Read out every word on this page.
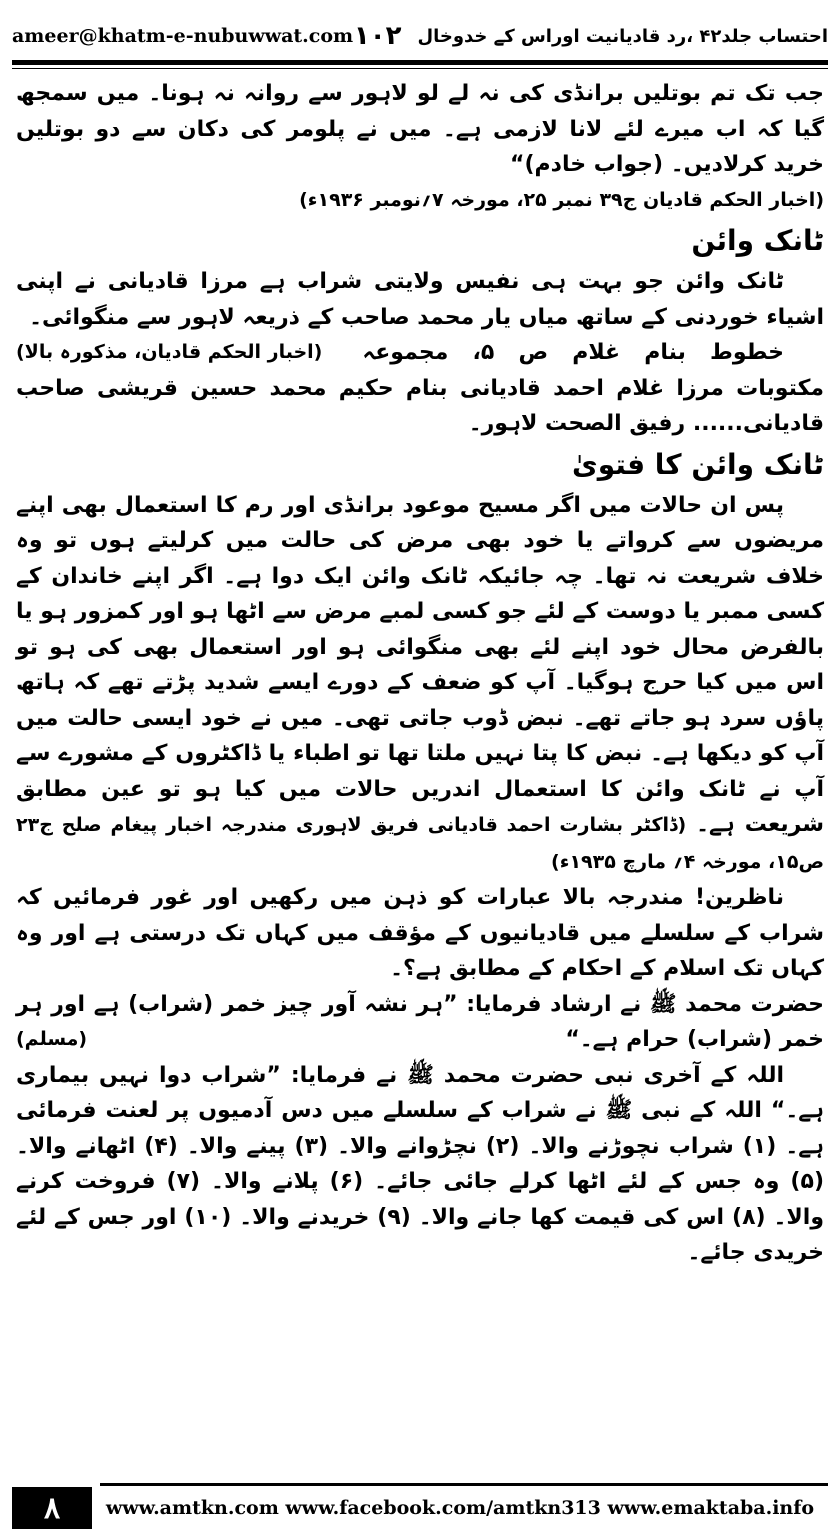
ameer@khatm-e-nubuwwat.com	احتساب جلد۴۲ ،رد قادیانیت اوراس کے خدوخال
۱۰۲

جب تک تم بوتلیں برانڈی کی نہ لے لو لاہور سے روانہ نہ ہونا۔ میں سمجھ گیا کہ اب میرے لئے لانا لازمی ہے۔ میں نے پلومر کی دکان سے دو بوتلیں خرید کرلادیں۔ (جواب خادم)“

(اخبار الحکم قادیان ج۳۹ نمبر ۲۵، مورخہ ۷؍نومبر ۱۹۳۶ء)

ٹانک وائن

ٹانک وائن جو بہت ہی نفیس ولایتی شراب ہے مرزا قادیانی نے اپنی اشیاء خوردنی کے ساتھ میاں یار محمد صاحب کے ذریعہ لاہور سے منگوائی۔
(اخبار الحکم قادیان، مذکورہ بالا)	خطوط بنام غلام ص ۵، مجموعہ مکتوبات مرزا غلام احمد قادیانی بنام حکیم محمد حسین قریشی صاحب قادیانی...... رفیق الصحت لاہور۔

ٹانک وائن کا فتویٰ

پس ان حالات میں اگر مسیح موعود برانڈی اور رم کا استعمال بھی اپنے مریضوں سے کرواتے یا خود بھی مرض کی حالت میں کرلیتے ہوں تو وہ خلاف شریعت نہ تھا۔ چہ جائیکہ ٹانک وائن ایک دوا ہے۔ اگر اپنے خاندان کے کسی ممبر یا دوست کے لئے جو کسی لمبے مرض سے اٹھا ہو اور کمزور ہو یا بالفرض محال خود اپنے لئے بھی منگوائی ہو اور استعمال بھی کی ہو تو اس میں کیا حرج ہوگیا۔ آپ کو ضعف کے دورے ایسے شدید پڑتے تھے کہ ہاتھ پاؤں سرد ہو جاتے تھے۔ نبض ڈوب جاتی تھی۔ میں نے خود ایسی حالت میں آپ کو دیکھا ہے۔ نبض کا پتا نہیں ملتا تھا تو اطباء یا ڈاکٹروں کے مشورے سے آپ نے ٹانک وائن کا استعمال اندریں حالات میں کیا ہو تو عین مطابق شریعت ہے۔ (ڈاکٹر بشارت احمد قادیانی فریق لاہوری مندرجہ اخبار پیغام صلح ج۲۳ ص۱۵، مورخہ ۴؍ مارچ ۱۹۳۵ء)

ناظرین! مندرجہ بالا عبارات کو ذہن میں رکھیں اور غور فرمائیں کہ شراب کے سلسلے میں قادیانیوں کے مؤقف میں کہاں تک درستی ہے اور وہ کہاں تک اسلام کے احکام کے مطابق ہے؟۔

حضرت محمد ﷺ نے ارشاد فرمایا: ”ہر نشہ آور چیز خمر (شراب) ہے اور ہر خمر (شراب) حرام ہے۔“
(مسلم)

اللہ کے آخری نبی حضرت محمد ﷺ نے فرمایا: ”شراب دوا نہیں بیماری ہے۔“ اللہ کے نبی ﷺ نے شراب کے سلسلے میں دس آدمیوں پر لعنت فرمائی ہے۔ (۱) شراب نچوڑنے والا۔ (۲) نچڑوانے والا۔ (۳) پینے والا۔ (۴) اٹھانے والا۔ (۵) وہ جس کے لئے اٹھا کرلے جائی جائے۔ (۶) پلانے والا۔ (۷) فروخت کرنے والا۔ (۸) اس کی قیمت کھا جانے والا۔ (۹) خریدنے والا۔ (۱۰) اور جس کے لئے خریدی جائے۔

۸	www.amtkn.com www.facebook.com/amtkn313 www.emaktaba.info
